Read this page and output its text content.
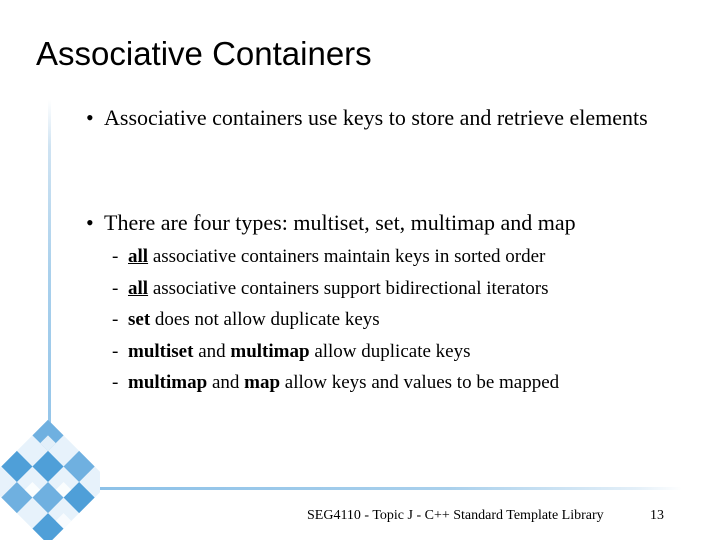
Associative Containers
• Associative containers use keys to store and retrieve elements
• There are four types: multiset, set, multimap and map
- all associative containers maintain keys in sorted order
- all associative containers support bidirectional iterators
- set does not allow duplicate keys
- multiset and multimap allow duplicate keys
- multimap and map allow keys and values to be mapped
SEG4110 - Topic J - C++ Standard Template Library	13
